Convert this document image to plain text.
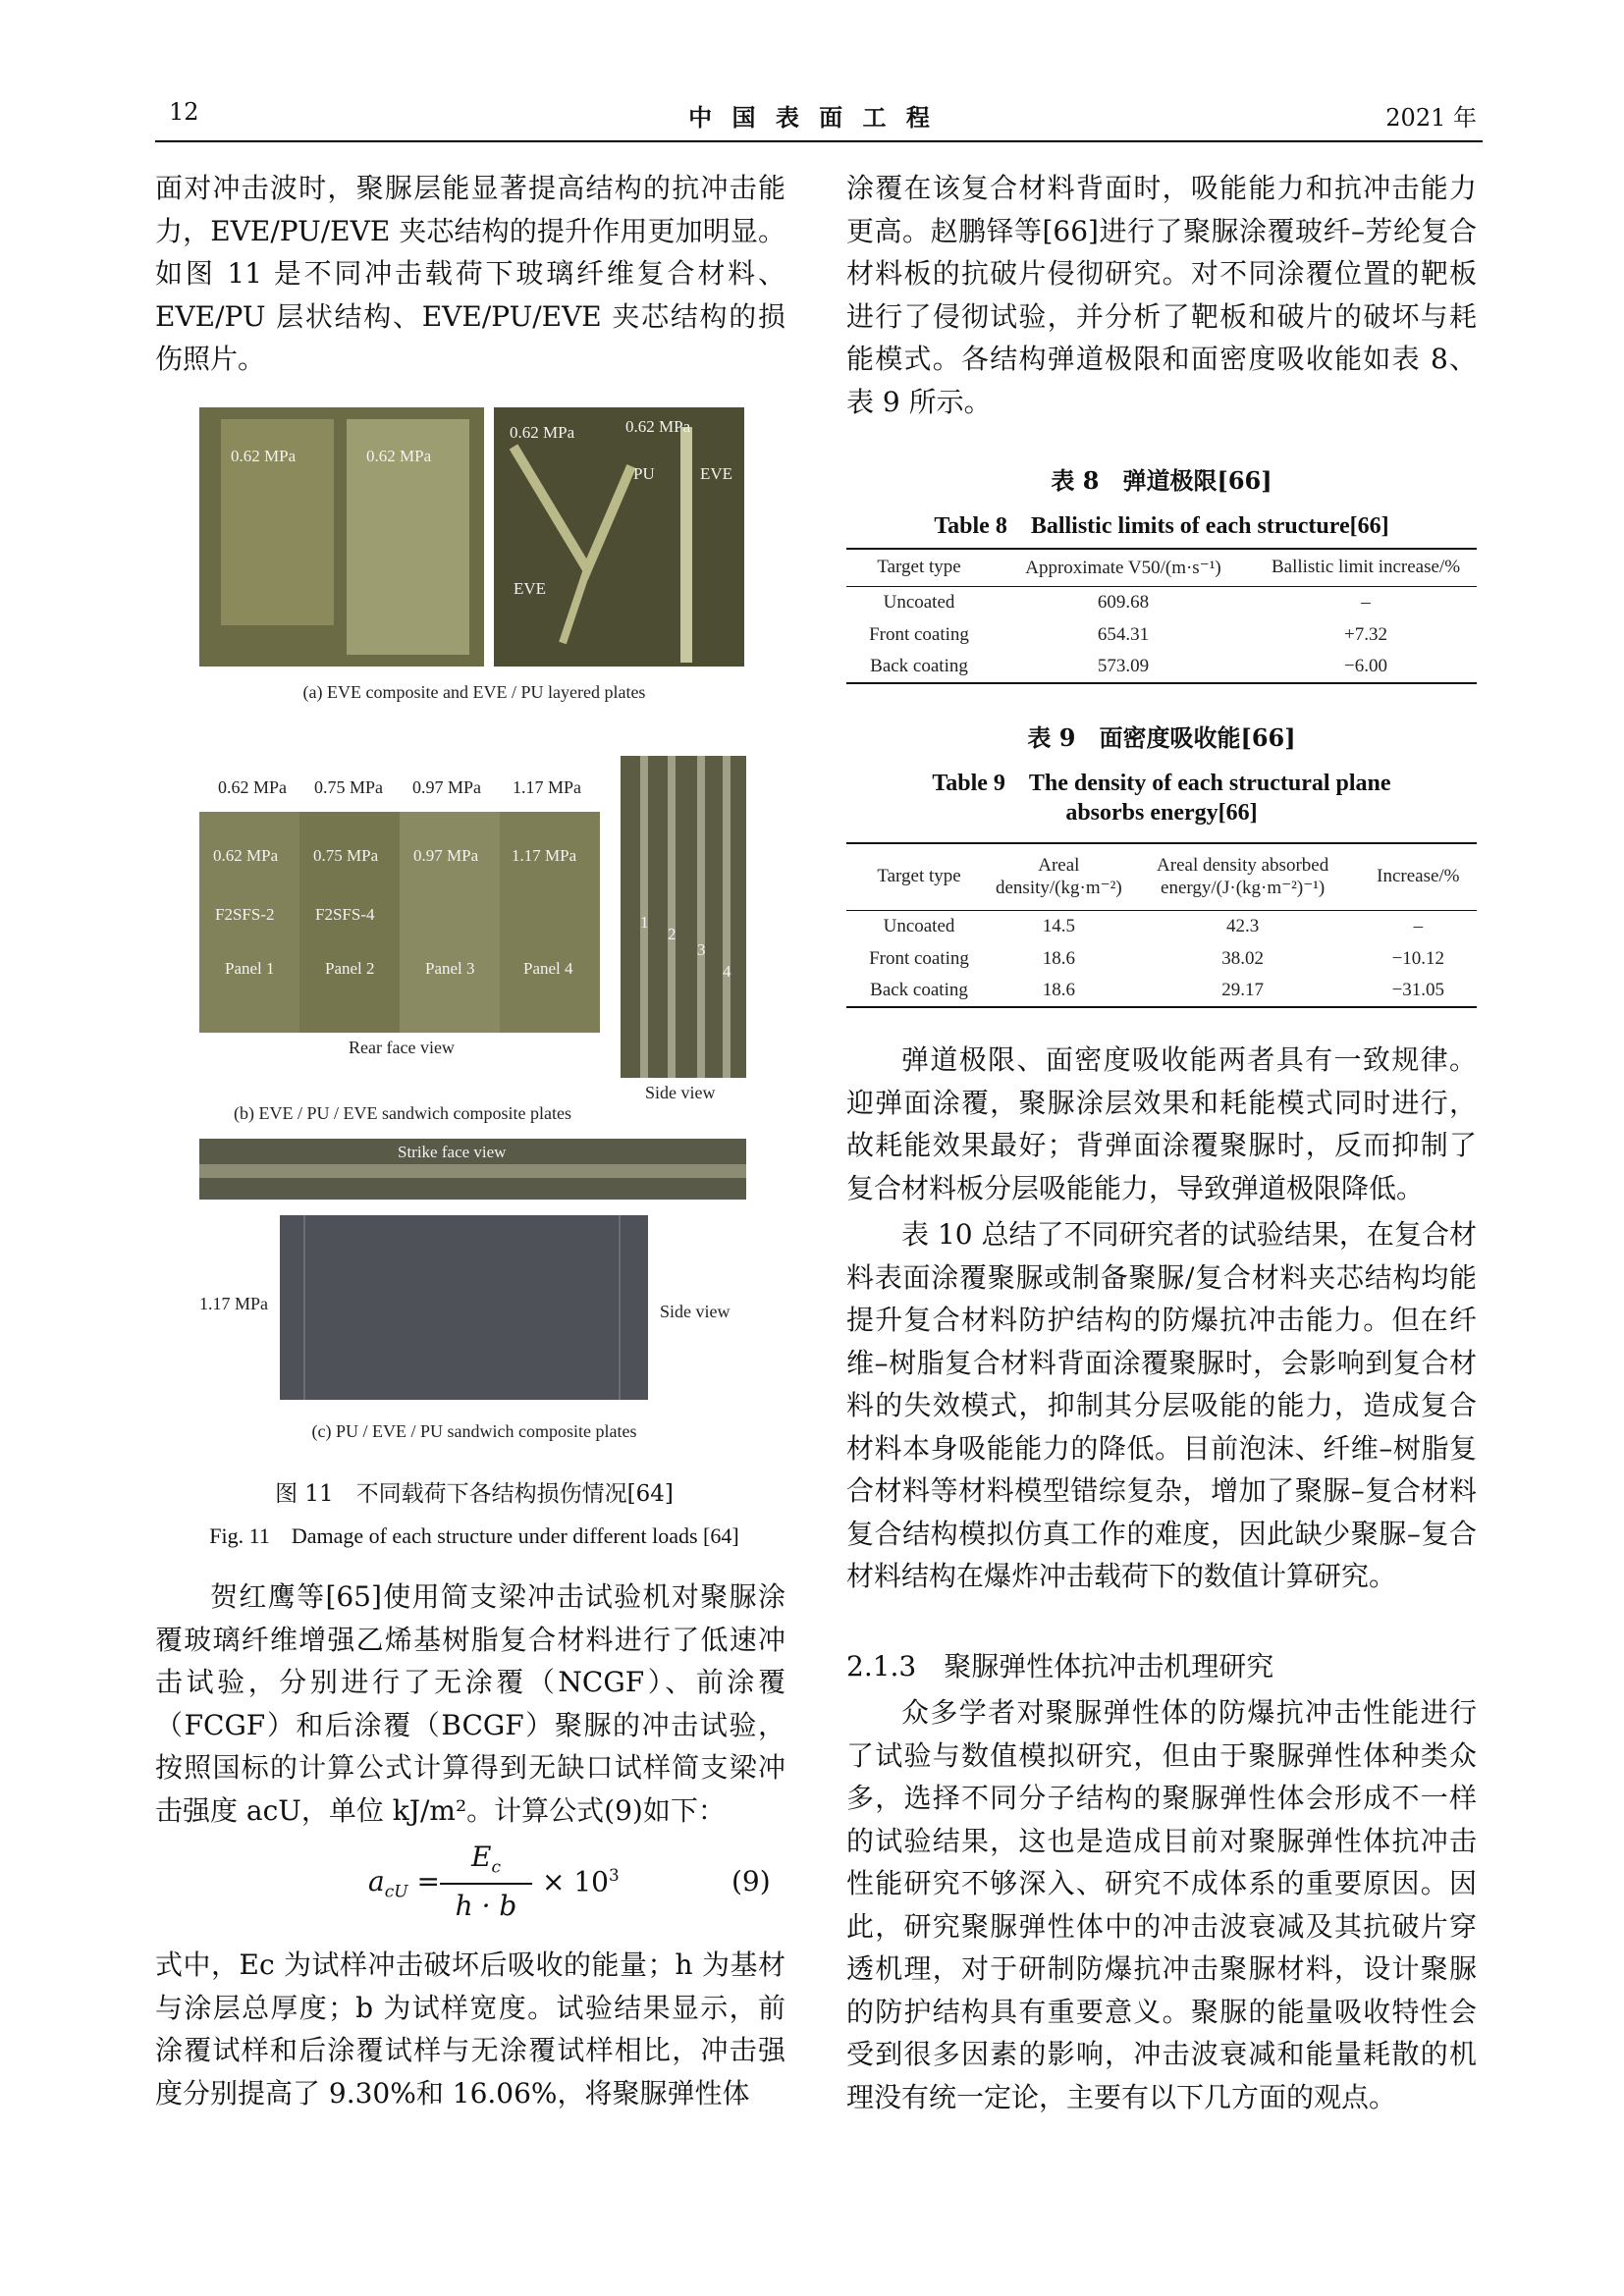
12	中 国 表 面 工 程	2021 年

面对冲击波时，聚脲层能显著提高结构的抗冲击能力，EVE/PU/EVE 夹芯结构的提升作用更加明显。如图 11 是不同冲击载荷下玻璃纤维复合材料、EVE/PU 层状结构、EVE/PU/EVE 夹芯结构的损伤照片。

0.62 MPa	0.62 MPa
0.62 MPa	0.62 MPa
PU	EVE
EVE
(a) EVE composite and EVE / PU layered plates
0.62 MPa 0.75 MPa 0.97 MPa 1.17 MPa
0.62 MPa 0.75 MPa 0.97 MPa 1.17 MPa
F2SFS-2 F2SFS-4
Panel 1	Panel 2	Panel 3	Panel 4
Rear face view
1
2
3
4
Side view
(b) EVE / PU / EVE sandwich composite plates
Strike face view
1.17 MPa	Side view
(c) PU / EVE / PU sandwich composite plates
图 11　不同载荷下各结构损伤情况[64]
Fig. 11　Damage of each structure under different loads [64]

贺红鹰等[65]使用简支梁冲击试验机对聚脲涂覆玻璃纤维增强乙烯基树脂复合材料进行了低速冲击试验，分别进行了无涂覆（NCGF）、前涂覆（FCGF）和后涂覆（BCGF）聚脲的冲击试验，按照国标的计算公式计算得到无缺口试样简支梁冲击强度 acU，单位 kJ/m²。计算公式(9)如下：

$a_{cU}$ =
$E_c$
h · b
× $10^3$	(9)

式中，Ec 为试样冲击破坏后吸收的能量；h 为基材与涂层总厚度；b 为试样宽度。试验结果显示，前涂覆试样和后涂覆试样与无涂覆试样相比，冲击强度分别提高了 9.30%和 16.06%，将聚脲弹性体

涂覆在该复合材料背面时，吸能能力和抗冲击能力更高。赵鹏铎等[66]进行了聚脲涂覆玻纤–芳纶复合材料板的抗破片侵彻研究。对不同涂覆位置的靶板进行了侵彻试验，并分析了靶板和破片的破坏与耗能模式。各结构弹道极限和面密度吸收能如表 8、表 9 所示。

表 8　弹道极限[66]
Table 8　Ballistic limits of each structure[66]
Target type	Approximate V50/(m·s⁻¹)	Ballistic limit increase/%
Uncoated	609.68	–
Front coating	654.31	+7.32
Back coating	573.09	−6.00
表 9　面密度吸收能[66]
Table 9　The density of each structural plane
absorbs energy[66]
Target type	Areal density/(kg·m⁻²)	Areal density absorbed energy/(J·(kg·m⁻²)⁻¹)	Increase/%
Uncoated	14.5	42.3	–
Front coating	18.6	38.02	−10.12
Back coating	18.6	29.17	−31.05

弹道极限、面密度吸收能两者具有一致规律。迎弹面涂覆，聚脲涂层效果和耗能模式同时进行，故耗能效果最好；背弹面涂覆聚脲时，反而抑制了复合材料板分层吸能能力，导致弹道极限降低。

表 10 总结了不同研究者的试验结果，在复合材料表面涂覆聚脲或制备聚脲/复合材料夹芯结构均能提升复合材料防护结构的防爆抗冲击能力。但在纤维–树脂复合材料背面涂覆聚脲时，会影响到复合材料的失效模式，抑制其分层吸能的能力，造成复合材料本身吸能能力的降低。目前泡沫、纤维–树脂复合材料等材料模型错综复杂，增加了聚脲–复合材料复合结构模拟仿真工作的难度，因此缺少聚脲–复合材料结构在爆炸冲击载荷下的数值计算研究。

2.1.3　聚脲弹性体抗冲击机理研究

众多学者对聚脲弹性体的防爆抗冲击性能进行了试验与数值模拟研究，但由于聚脲弹性体种类众多，选择不同分子结构的聚脲弹性体会形成不一样的试验结果，这也是造成目前对聚脲弹性体抗冲击性能研究不够深入、研究不成体系的重要原因。因此，研究聚脲弹性体中的冲击波衰减及其抗破片穿透机理，对于研制防爆抗冲击聚脲材料，设计聚脲的防护结构具有重要意义。聚脲的能量吸收特性会受到很多因素的影响，冲击波衰减和能量耗散的机理没有统一定论，主要有以下几方面的观点。
